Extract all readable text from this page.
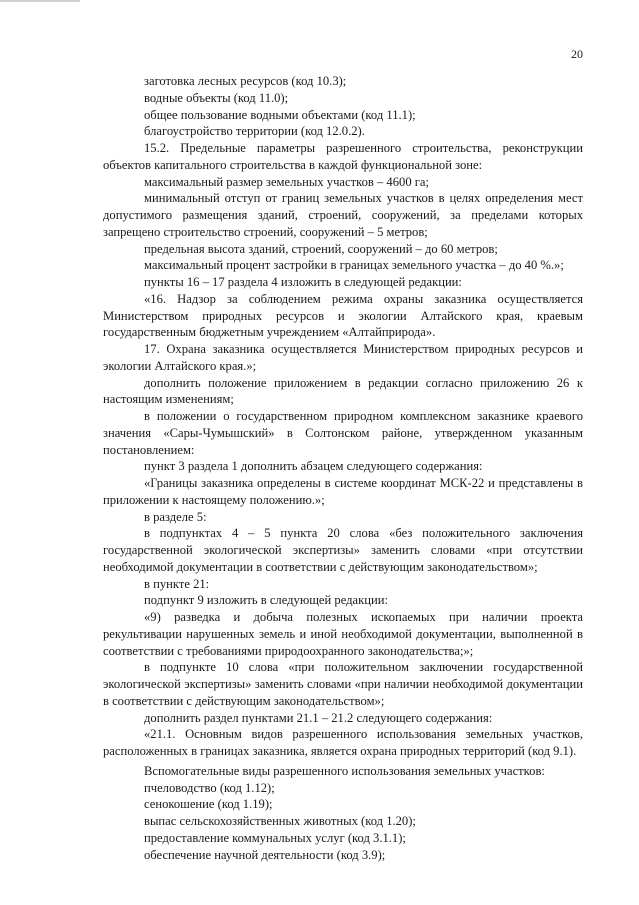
20

заготовка лесных ресурсов (код 10.3);

водные объекты (код 11.0);

общее пользование водными объектами (код 11.1);

благоустройство территории (код 12.0.2).

15.2. Предельные параметры разрешенного строительства, реконструкции объектов капитального строительства в каждой функциональной зоне:

максимальный размер земельных участков – 4600 га;

минимальный отступ от границ земельных участков в целях определения мест допустимого размещения зданий, строений, сооружений, за пределами которых запрещено строительство строений, сооружений – 5 метров;

предельная высота зданий, строений, сооружений – до 60 метров;

максимальный процент застройки в границах земельного участка – до 40 %.»;

пункты 16 – 17 раздела 4 изложить в следующей редакции:

«16. Надзор за соблюдением режима охраны заказника осуществляется Министерством природных ресурсов и экологии Алтайского края, краевым государственным бюджетным учреждением «Алтайприрода».

17. Охрана заказника осуществляется Министерством природных ресурсов и экологии Алтайского края.»;

дополнить положение приложением в редакции согласно приложению 26 к настоящим изменениям;

в положении о государственном природном комплексном заказнике краевого значения «Сары-Чумышский» в Солтонском районе, утвержденном указанным постановлением:

пункт 3 раздела 1 дополнить абзацем следующего содержания:

«Границы заказника определены в системе координат МСК-22 и представлены в приложении к настоящему положению.»;

в разделе 5:

в подпунктах 4 – 5 пункта 20 слова «без положительного заключения государственной экологической экспертизы» заменить словами «при отсутствии необходимой документации в соответствии с действующим законодательством»;

в пункте 21:

подпункт 9 изложить в следующей редакции:

«9) разведка и добыча полезных ископаемых при наличии проекта рекультивации нарушенных земель и иной необходимой документации, выполненной в соответствии с требованиями природоохранного законодательства;»;

в подпункте 10 слова «при положительном заключении государственной экологической экспертизы» заменить словами «при наличии необходимой документации в соответствии с действующим законодательством»;

дополнить раздел пунктами 21.1 – 21.2 следующего содержания:

«21.1. Основным видов разрешенного использования земельных участков, расположенных в границах заказника, является охрана природных территорий (код 9.1).

Вспомогательные виды разрешенного использования земельных участков:

пчеловодство (код 1.12);

сенокошение (код 1.19);

выпас сельскохозяйственных животных (код 1.20);

предоставление коммунальных услуг (код 3.1.1);

обеспечение научной деятельности (код 3.9);
